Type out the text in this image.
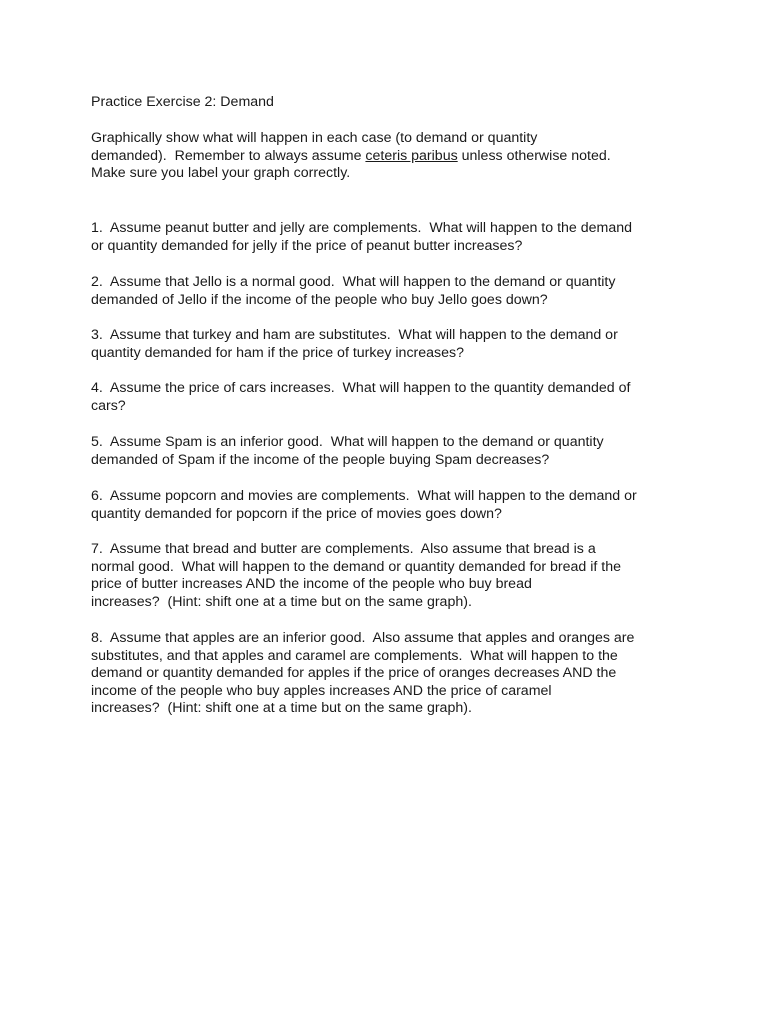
Practice Exercise 2: Demand

Graphically show what will happen in each case (to demand or quantity
demanded).  Remember to always assume ceteris paribus unless otherwise noted.
Make sure you label your graph correctly.

1.  Assume peanut butter and jelly are complements.  What will happen to the demand
or quantity demanded for jelly if the price of peanut butter increases?

2.  Assume that Jello is a normal good.  What will happen to the demand or quantity
demanded of Jello if the income of the people who buy Jello goes down?

3.  Assume that turkey and ham are substitutes.  What will happen to the demand or
quantity demanded for ham if the price of turkey increases?

4.  Assume the price of cars increases.  What will happen to the quantity demanded of
cars?

5.  Assume Spam is an inferior good.  What will happen to the demand or quantity
demanded of Spam if the income of the people buying Spam decreases?

6.  Assume popcorn and movies are complements.  What will happen to the demand or
quantity demanded for popcorn if the price of movies goes down?

7.  Assume that bread and butter are complements.  Also assume that bread is a
normal good.  What will happen to the demand or quantity demanded for bread if the
price of butter increases AND the income of the people who buy bread
increases?  (Hint: shift one at a time but on the same graph).

8.  Assume that apples are an inferior good.  Also assume that apples and oranges are
substitutes, and that apples and caramel are complements.  What will happen to the
demand or quantity demanded for apples if the price of oranges decreases AND the
income of the people who buy apples increases AND the price of caramel
increases?  (Hint: shift one at a time but on the same graph).
